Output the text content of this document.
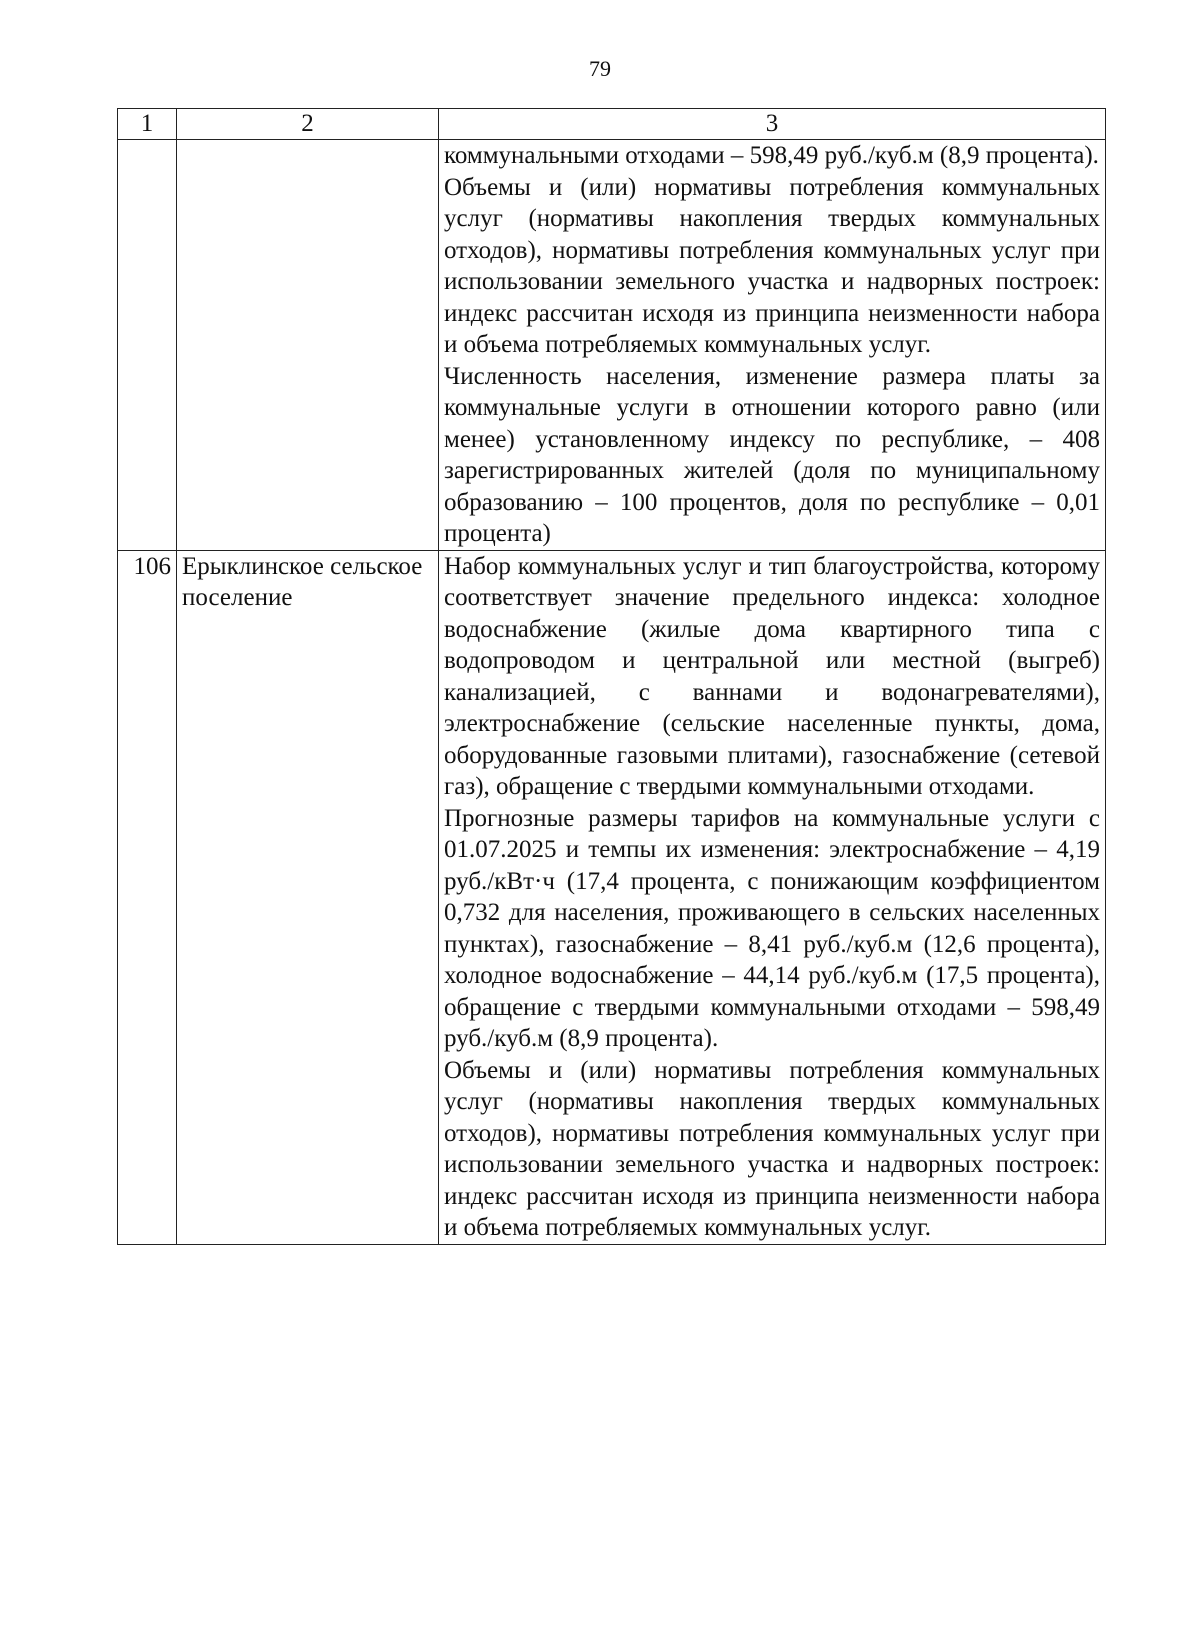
79
1	2	3

		коммунальными отходами – 598,49 руб./куб.м (8,9 процента).

Объемы и (или) нормативы потребления коммунальных услуг (нормативы накопления твердых коммунальных отходов), нормативы потребления коммунальных услуг при использовании земельного участка и надворных построек: индекс рассчитан исходя из принципа неизменности набора и объема потребляемых коммунальных услуг.

Численность населения, изменение размера платы за коммунальные услуги в отношении которого равно (или менее) установленному индексу по республике, – 408 зарегистрированных жителей (доля по муниципальному образованию – 100 процентов, доля по республике – 0,01 процента)

106	Ерыклинское сельское поселение	Набор коммунальных услуг и тип благоустройства, которому соответствует значение предельного индекса: холодное водоснабжение (жилые дома квартирного типа с водопроводом и центральной или местной (выгреб) канализацией, с ваннами и водонагревателями), электроснабжение (сельские населенные пункты, дома, оборудованные газовыми плитами), газоснабжение (сетевой газ), обращение с твердыми коммунальными отходами.

Прогнозные размеры тарифов на коммунальные услуги с 01.07.2025 и темпы их изменения: электроснабжение – 4,19 руб./кВт·ч (17,4 процента, с понижающим коэффициентом 0,732 для населения, проживающего в сельских населенных пунктах), газоснабжение – 8,41 руб./куб.м (12,6 процента), холодное водоснабжение – 44,14 руб./куб.м (17,5 процента), обращение с твердыми коммунальными отходами – 598,49 руб./куб.м (8,9 процента).

Объемы и (или) нормативы потребления коммунальных услуг (нормативы накопления твердых коммунальных отходов), нормативы потребления коммунальных услуг при использовании земельного участка и надворных построек: индекс рассчитан исходя из принципа неизменности набора и объема потребляемых коммунальных услуг.
